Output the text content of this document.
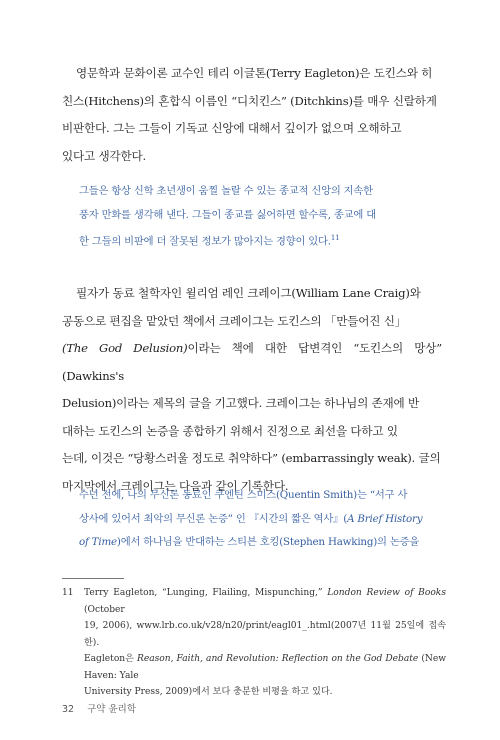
영문학과 문화이론 교수인 테리 이글톤(Terry Eagleton)은 도킨스와 히
친스(Hitchens)의 혼합식 이름인 “디치킨스” (Ditchkins)를 매우 신랄하게
비판한다. 그는 그들이 기독교 신앙에 대해서 깊이가 없으며 오해하고
있다고 생각한다.
그들은 항상 신학 초년생이 움찔 놀랄 수 있는 종교적 신앙의 지속한
풍자 만화를 생각해 낸다. 그들이 종교를 싫어하면 할수록, 종교에 대
한 그들의 비판에 더 잘못된 정보가 많아지는 경향이 있다.$^{11}$
필자가 동료 철학자인 윌리엄 레인 크레이그(William Lane Craig)와
공동으로 편집을 맡았던 책에서 크레이그는 도킨스의 「만들어진 신」
(The God Delusion)이라는 책에 대한 답변격인 “도킨스의 망상” (Dawkins's
Delusion)이라는 제목의 글을 기고했다. 크레이그는 하나님의 존재에 반
대하는 도킨스의 논증을 종합하기 위해서 진정으로 최선을 다하고 있
는데, 이것은 “당황스러울 정도로 취약하다” (embarrassingly weak). 글의
마지막에서 크레이그는 다음과 같이 기록한다.
수년 전에, 나의 무신론 동료인 쿠엔틴 스미스(Quentin Smith)는 “서구 사
상사에 있어서 최악의 무신론 논증” 인 『시간의 짧은 역사』(A Brief History
of Time)에서 하나님을 반대하는 스티븐 호킹(Stephen Hawking)의 논증을
11 Terry Eagleton, “Lunging, Flailing, Mispunching,” London Review of Books (October
19, 2006), www.lrb.co.uk/v28/n20/print/eagl01_.html(2007년 11월 25일에 접속한).
Eagleton은 Reason, Faith, and Revolution: Reflection on the God Debate (New Haven: Yale
University Press, 2009)에서 보다 충분한 비평을 하고 있다.
32 구약 윤리학
